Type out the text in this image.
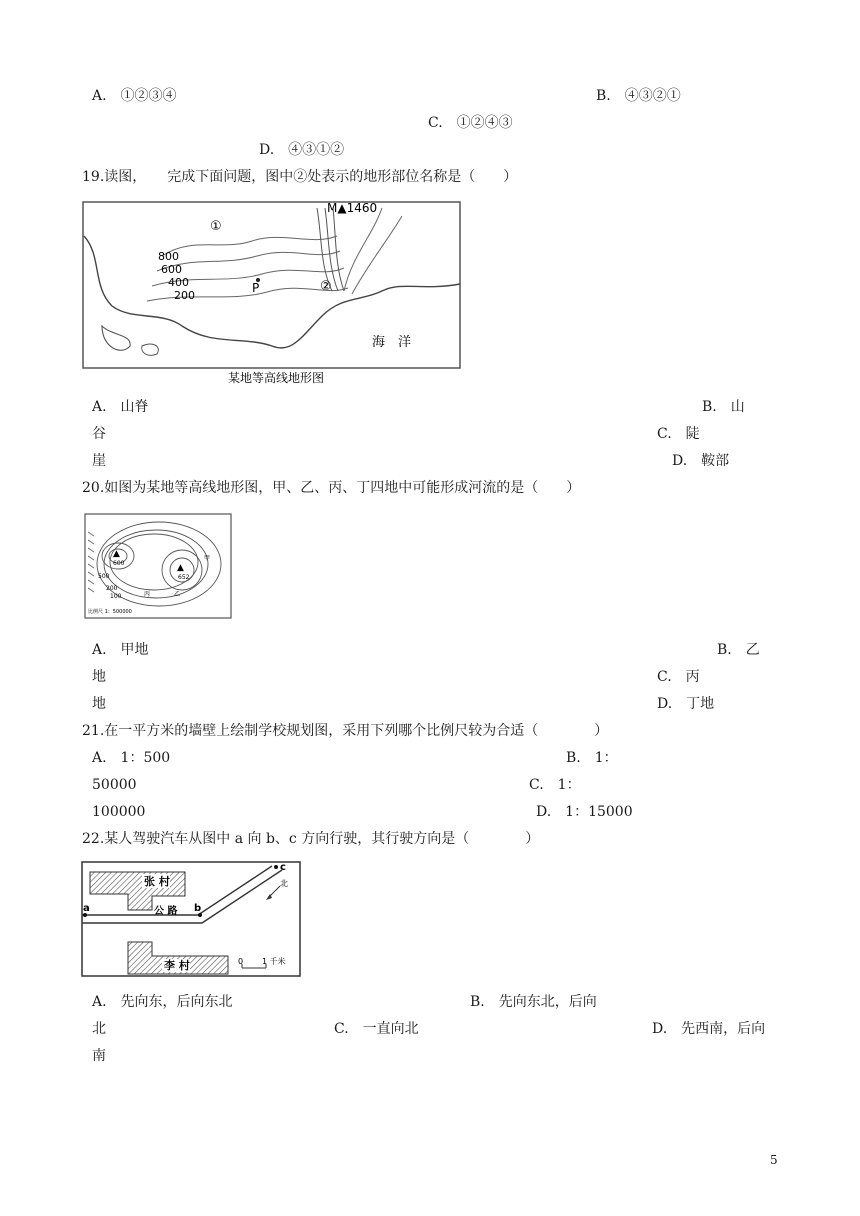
A.　①②③④	B.　④③②①
C.　①②④③
D.　④③①②
19.读图，　　完成下面问题，图中②处表示的地形部位名称是（　　）
①
M▲1460
800
600
400
200
P	②
海　洋
某地等高线地形图
A.　山脊	B.　山
谷	C.　陡
崖	D.　鞍部
20.如图为某地等高线地形图，甲、乙、丙、丁四地中可能形成河流的是（　　）
▲
▲
600
652
500
200
100
甲
乙
丙
比例尺 1：500000
A.　甲地	B.　乙
地	C.　丙
地	D.　丁地
21.在一平方米的墙壁上绘制学校规划图，采用下列哪个比例尺较为合适（　　　　）
A.　1：500	B.　1：
50000	C.　1：
100000	D.　1：15000
22.某人驾驶汽车从图中 a 向 b、c 方向行驶，其行驶方向是（　　　　）
张 村
a	b
c
公 路
北
李 村	0 1 千米
A.　先向东，后向东北	B.　先向东北，后向
北	C.　一直向北	D.　先西南，后向
南
5
